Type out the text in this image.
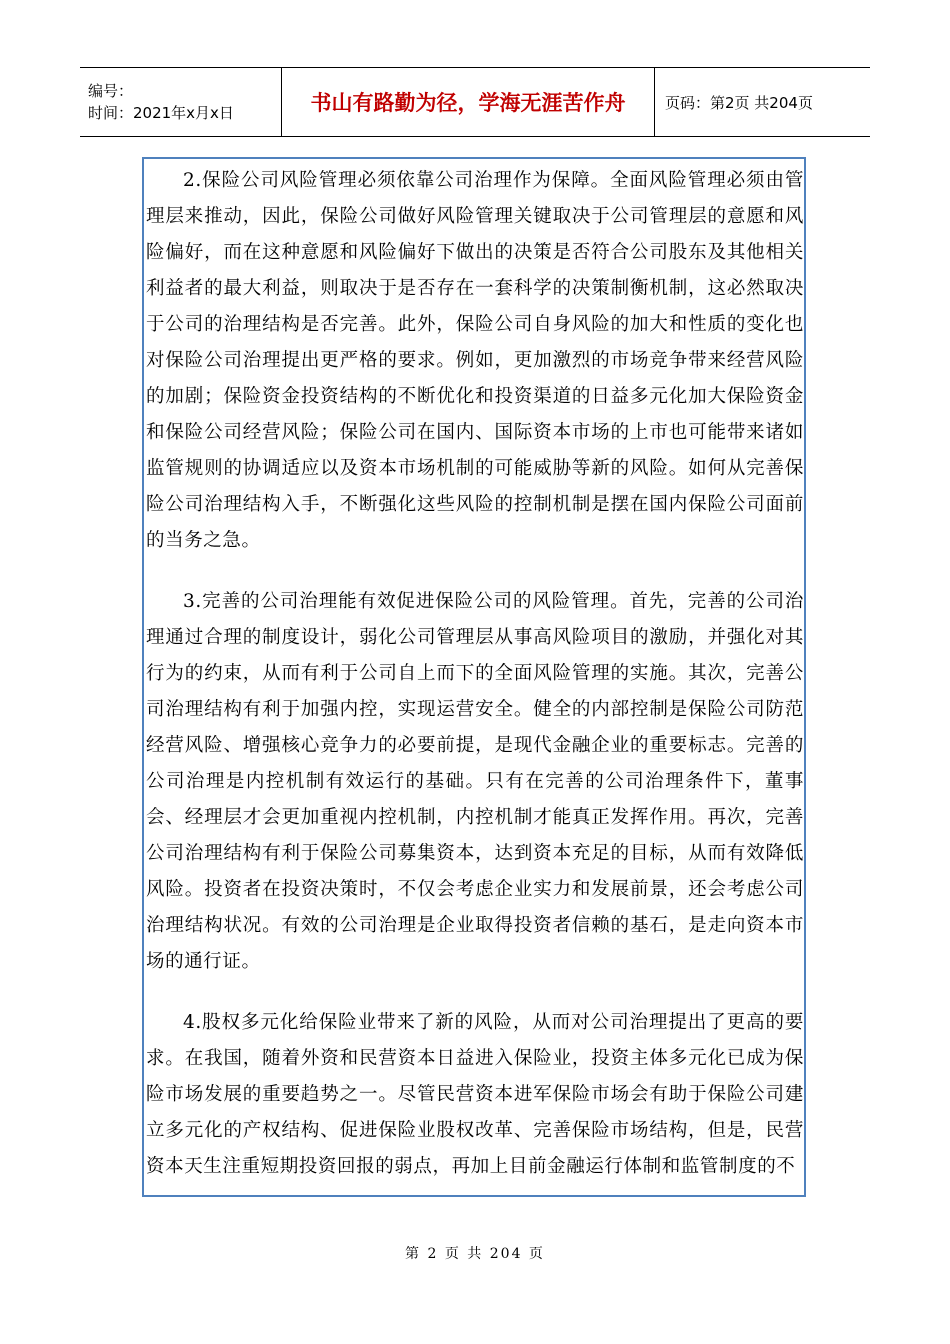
编号：
时间：2021年x月x日	书山有路勤为径，学海无涯苦作舟	页码：第2页 共204页

2.保险公司风险管理必须依靠公司治理作为保障。全面风险管理必须由管理层来推动，因此，保险公司做好风险管理关键取决于公司管理层的意愿和风险偏好，而在这种意愿和风险偏好下做出的决策是否符合公司股东及其他相关利益者的最大利益，则取决于是否存在一套科学的决策制衡机制，这必然取决于公司的治理结构是否完善。此外，保险公司自身风险的加大和性质的变化也对保险公司治理提出更严格的要求。例如，更加激烈的市场竞争带来经营风险的加剧；保险资金投资结构的不断优化和投资渠道的日益多元化加大保险资金和保险公司经营风险；保险公司在国内、国际资本市场的上市也可能带来诸如监管规则的协调适应以及资本市场机制的可能威胁等新的风险。如何从完善保险公司治理结构入手，不断强化这些风险的控制机制是摆在国内保险公司面前的当务之急。

3.完善的公司治理能有效促进保险公司的风险管理。首先，完善的公司治理通过合理的制度设计，弱化公司管理层从事高风险项目的激励，并强化对其行为的约束，从而有利于公司自上而下的全面风险管理的实施。其次，完善公司治理结构有利于加强内控，实现运营安全。健全的内部控制是保险公司防范经营风险、增强核心竞争力的必要前提，是现代金融企业的重要标志。完善的公司治理是内控机制有效运行的基础。只有在完善的公司治理条件下，董事会、经理层才会更加重视内控机制，内控机制才能真正发挥作用。再次，完善公司治理结构有利于保险公司募集资本，达到资本充足的目标，从而有效降低风险。投资者在投资决策时，不仅会考虑企业实力和发展前景，还会考虑公司治理结构状况。有效的公司治理是企业取得投资者信赖的基石，是走向资本市场的通行证。

4.股权多元化给保险业带来了新的风险，从而对公司治理提出了更高的要求。在我国，随着外资和民营资本日益进入保险业，投资主体多元化已成为保险市场发展的重要趋势之一。尽管民营资本进军保险市场会有助于保险公司建立多元化的产权结构、促进保险业股权改革、完善保险市场结构，但是，民营资本天生注重短期投资回报的弱点，再加上目前金融运行体制和监管制度的不

第 2 页 共 204 页
